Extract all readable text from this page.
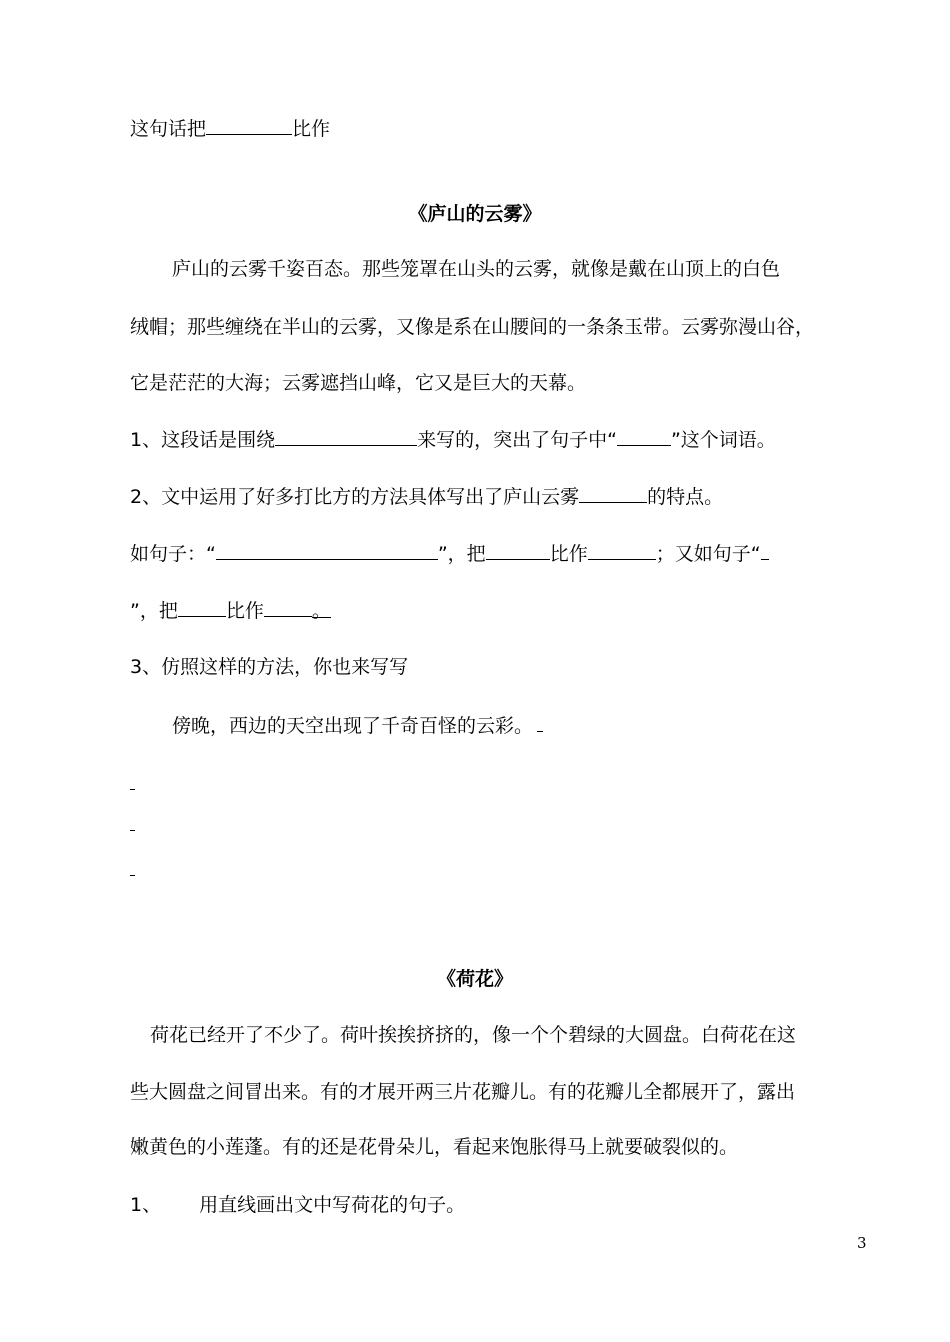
这句话把	比作
《庐山的云雾》
庐山的云雾千姿百态。那些笼罩在山头的云雾，就像是戴在山顶上的白色
绒帽；那些缠绕在半山的云雾，又像是系在山腰间的一条条玉带。云雾弥漫山谷，
它是茫茫的大海；云雾遮挡山峰，它又是巨大的天幕。
1、这段话是围绕	来写的，突出了句子中“	”这个词语。
2、文中运用了好多打比方的方法具体写出了庐山云雾	的特点。
如句子：“	”，把	比作	；又如句子“
”，把	比作	。
3、仿照这样的方法，你也来写写
傍晚，西边的天空出现了千奇百怪的云彩。
《荷花》
荷花已经开了不少了。荷叶挨挨挤挤的，像一个个碧绿的大圆盘。白荷花在这
些大圆盘之间冒出来。有的才展开两三片花瓣儿。有的花瓣儿全都展开了，露出
嫩黄色的小莲蓬。有的还是花骨朵儿，看起来饱胀得马上就要破裂似的。
1、 用直线画出文中写荷花的句子。
3
